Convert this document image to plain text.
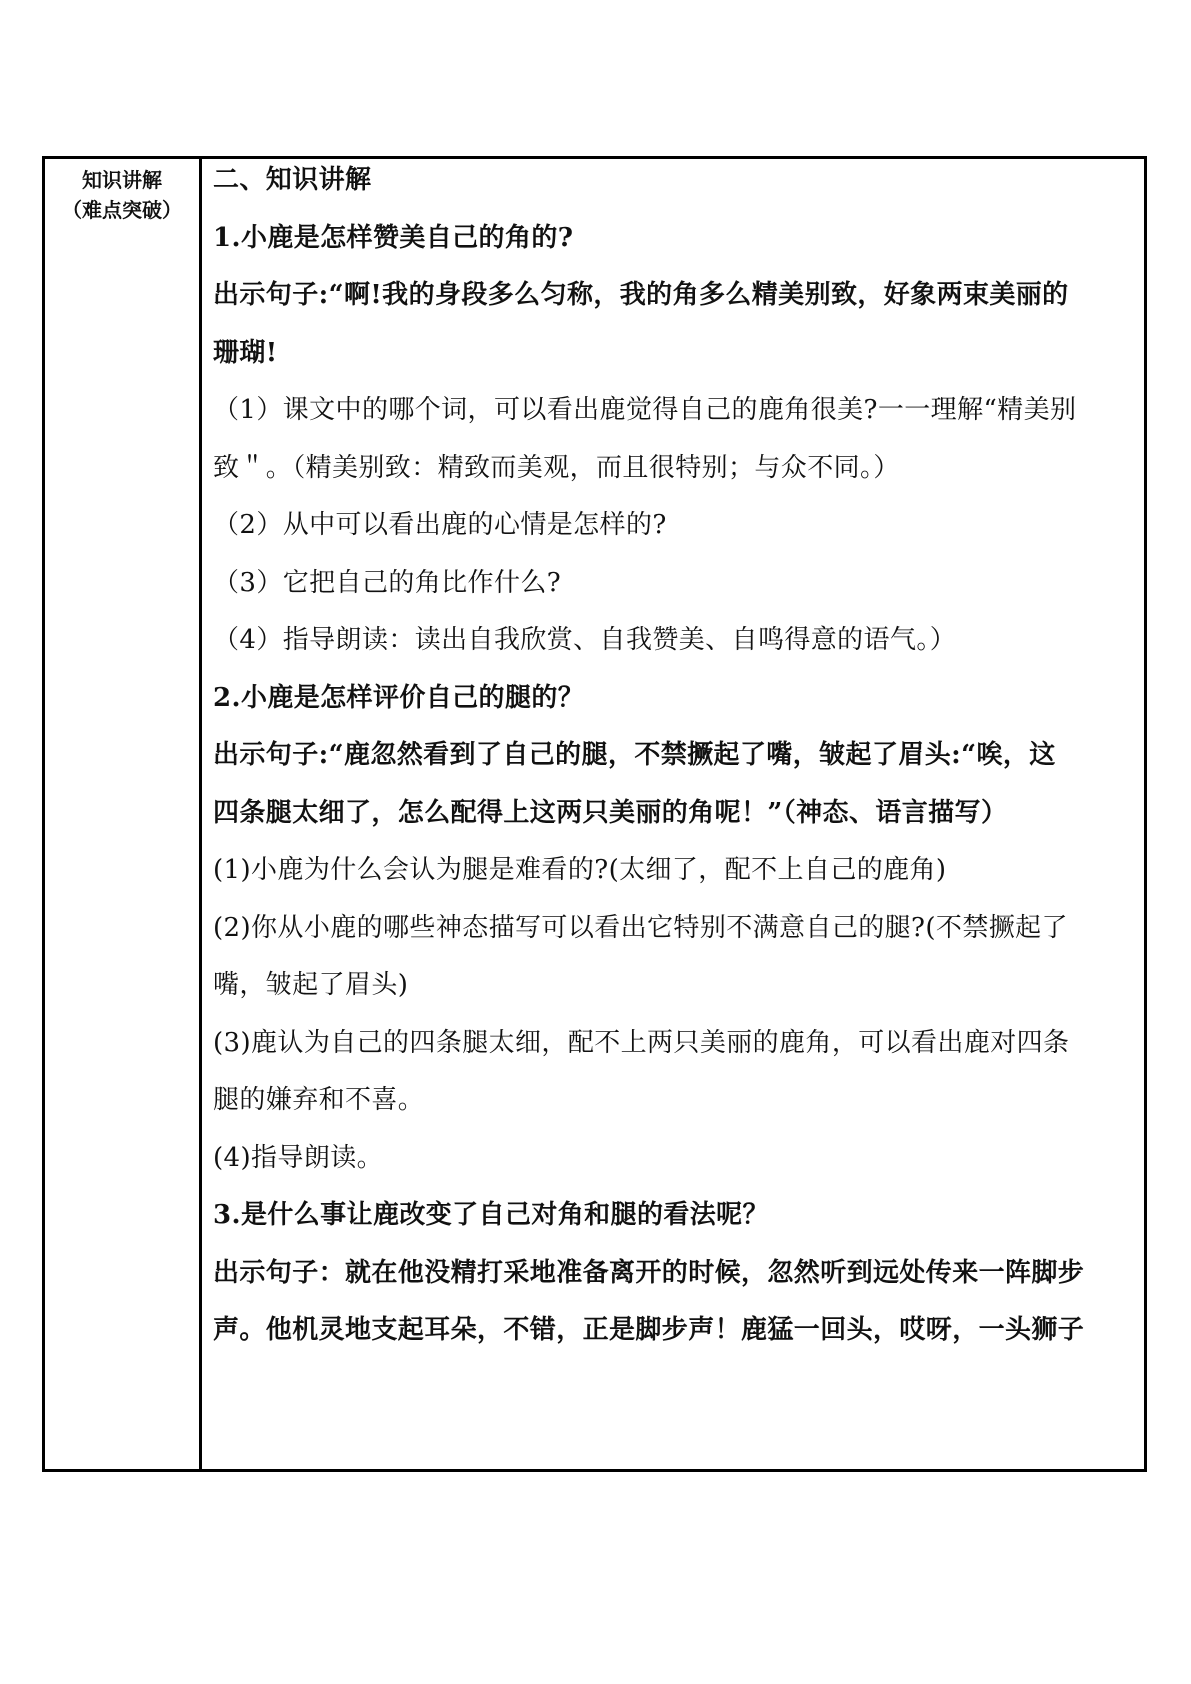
知识讲解
（难点突破）
二、知识讲解
1.小鹿是怎样赞美自己的角的?
出示句子:“啊!我的身段多么匀称，我的角多么精美别致，好象两束美丽的
珊瑚!
（1）课文中的哪个词，可以看出鹿觉得自己的鹿角很美?一一理解“精美别
致＂。（精美别致：精致而美观，而且很特别；与众不同。）
（2）从中可以看出鹿的心情是怎样的?
（3）它把自己的角比作什么?
（4）指导朗读：读出自我欣赏、自我赞美、自鸣得意的语气。）
2.小鹿是怎样评价自己的腿的？
出示句子:“鹿忽然看到了自己的腿，不禁撅起了嘴，皱起了眉头:“唉，这
四条腿太细了，怎么配得上这两只美丽的角呢！”（神态、语言描写）
(1)小鹿为什么会认为腿是难看的?(太细了，配不上自己的鹿角)
(2)你从小鹿的哪些神态描写可以看出它特别不满意自己的腿?(不禁撅起了
嘴，皱起了眉头)
(3)鹿认为自己的四条腿太细，配不上两只美丽的鹿角，可以看出鹿对四条
腿的嫌弃和不喜。
(4)指导朗读。
3.是什么事让鹿改变了自己对角和腿的看法呢？
出示句子：就在他没精打采地准备离开的时候，忽然听到远处传来一阵脚步
声。他机灵地支起耳朵，不错，正是脚步声！鹿猛一回头，哎呀，一头狮子
